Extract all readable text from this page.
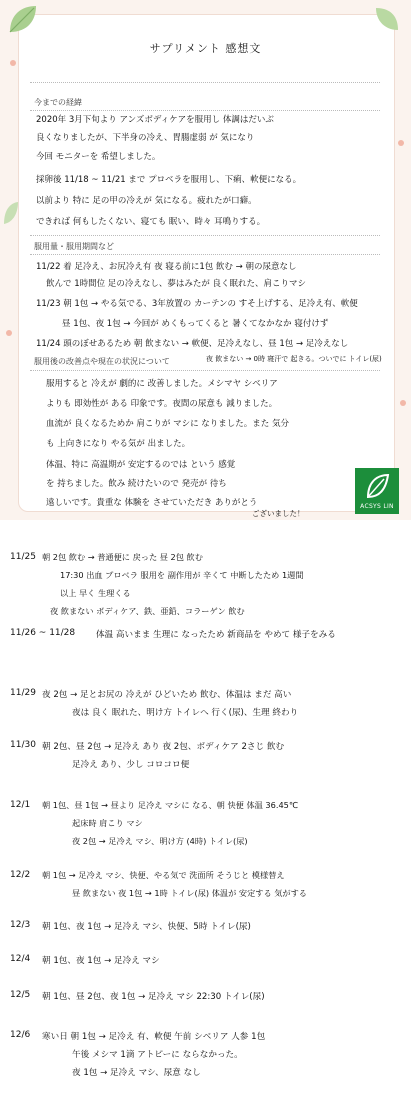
サプリメント 感想文
今までの経緯
2020年 3月下旬より アンズボディケアを服用し 体調はだいぶ
良くなりましたが、下半身の冷え、胃腸虚弱 が 気になり
今回 モニターを 希望しました。
採卵後 11/18 ~ 11/21 まで プロベラを服用し、下痢、軟便になる。
以前より 特に 足の甲の冷えが 気になる。疲れたが口癖。
できれば 何もしたくない、寝ても 眠い、時々 耳鳴りする。
服用量・服用期間など
11/22 着 足冷え、お尻冷え有 夜 寝る前に1包 飲む → 朝の尿意なし
飲んで 1時間位 足の冷えなし、夢はみたが 良く眠れた、肩こりマシ
11/23 朝 1包 → やる気でる、3年放置の カーテンの すそ上げする、足冷え有、軟便
昼 1包、夜 1包 → 今回が めくもってくると 暑くてなかなか 寝付けず
11/24 頭のぼせあるため 朝 飲まない → 軟便、足冷えなし、昼 1包 → 足冷えなし
服用後の改善点や現在の状況について	夜 飲まない → 0時 寝汗で 起きる。ついでに トイレ(尿)
服用すると 冷えが 劇的に 改善しました。メシマヤ シベリア
よりも 即効性が ある 印象です。夜間の尿意も 減りました。
血流が 良くなるためか 肩こりが マシに なりました。また 気分
も 上向きになり やる気が 出ました。
体温、特に 高温期が 安定するのでは という 感覚
を 持ちました。飲み 続けたいので 発売が 待ち
遠しいです。貴重な 体験を させていただき ありがとう
ございました！
ACSYS LIN
11/25 朝 2包 飲む → 普通便に 戻った 昼 2包 飲む
17:30 出血 プロベラ 服用を 副作用が 辛くて 中断したため 1週間
以上 早く 生理くる
夜 飲まない ボディケア、鉄、亜鉛、コラーゲン 飲む
11/26 ~ 11/28 体温 高いまま 生理に なったため 新商品を やめて 様子をみる
11/29 夜 2包 → 足とお尻の 冷えが ひどいため 飲む、体温は まだ 高い
夜は 良く 眠れた、明け方 トイレへ 行く(尿)、生理 終わり
11/30 朝 2包、昼 2包 → 足冷え あり 夜 2包、ボディケア 2さじ 飲む
足冷え あり、少し コロコロ便
12/1 朝 1包、昼 1包 → 昼より 足冷え マシに なる、朝 快便 体温 36.45℃
起床時 肩こり マシ
夜 2包 → 足冷え マシ、明け方 (4時) トイレ(尿)
12/2 朝 1包 → 足冷え マシ、快便、やる気で 洗面所 そうじと 模様替え
昼 飲まない 夜 1包 → 1時 トイレ(尿) 体温が 安定する 気がする
12/3 朝 1包、夜 1包 → 足冷え マシ、快便、5時 トイレ(尿)
12/4 朝 1包、夜 1包 → 足冷え マシ
12/5 朝 1包、昼 2包、夜 1包 → 足冷え マシ 22:30 トイレ(尿)
12/6 寒い日 朝 1包 → 足冷え 有、軟便 午前 シベリア 人参 1包
午後 メシマ 1滴 アトピーに ならなかった。
夜 1包 → 足冷え マシ、尿意 なし
